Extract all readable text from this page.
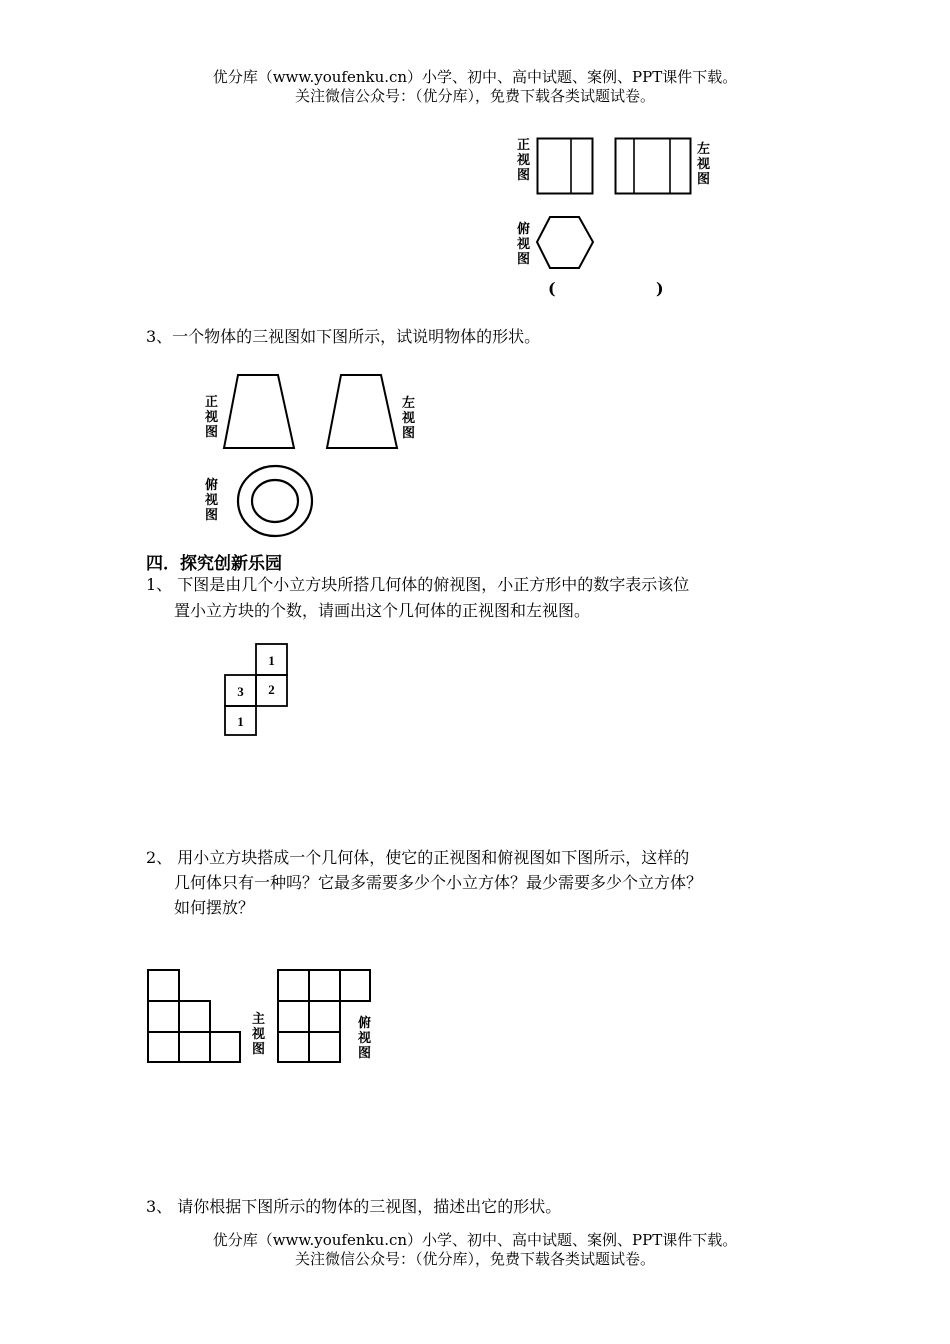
优分库（www.youfenku.cn）小学、初中、高中试题、案例、PPT课件下载。
关注微信公众号：（优分库），免费下载各类试题试卷。
正视图
左视图
俯视图
(	)
3、一个物体的三视图如下图所示，试说明物体的形状。
正视图
左视图
俯视图
四．探究创新乐园
1、 下图是由几个小立方块所搭几何体的俯视图，小正方形中的数字表示该位
置小立方块的个数，请画出这个几何体的正视图和左视图。
1
3 2
1
2、 用小立方块搭成一个几何体，使它的正视图和俯视图如下图所示，这样的
几何体只有一种吗？它最多需要多少个小立方体？最少需要多少个立方体？
如何摆放？
主视图
俯视图
3、 请你根据下图所示的物体的三视图，描述出它的形状。
优分库（www.youfenku.cn）小学、初中、高中试题、案例、PPT课件下载。
关注微信公众号：（优分库），免费下载各类试题试卷。
